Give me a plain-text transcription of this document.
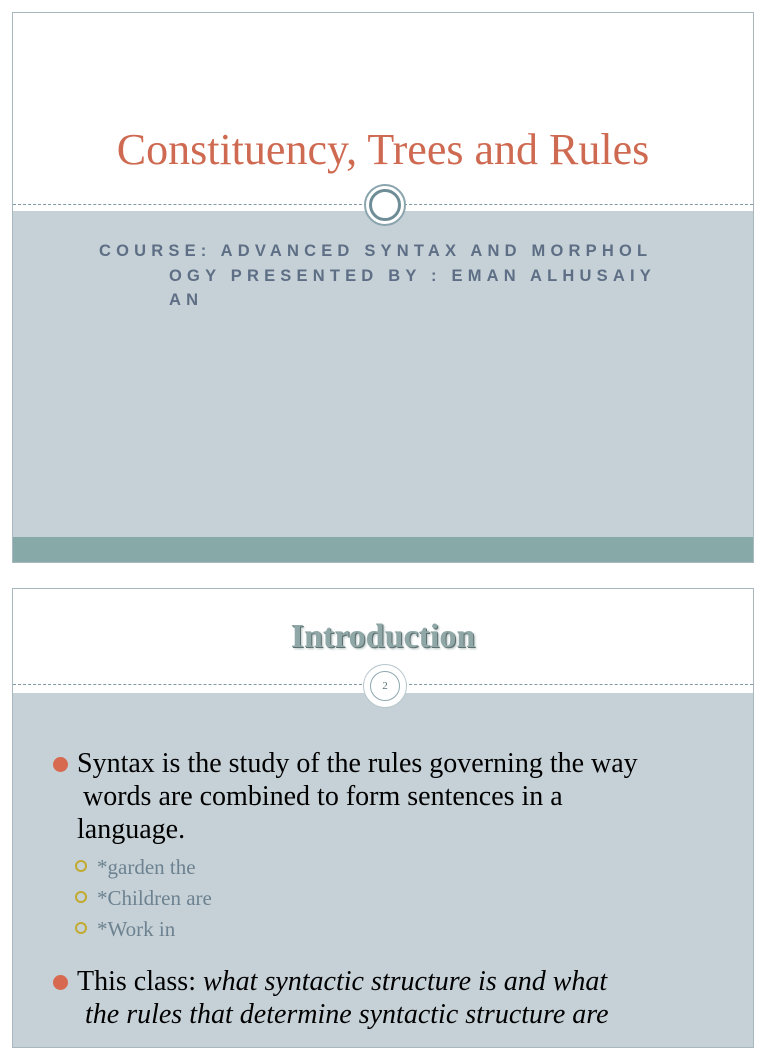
Constituency, Trees and Rules
COURSE: ADVANCED SYNTAX AND MORPHOL
OGY PRESENTED BY : EMAN ALHUSAIY
AN
Introduction
2
Syntax is the study of the rules governing the way
words are combined to form sentences in a
language.
*garden the
*Children are
*Work in
This class: what syntactic structure is and what
the rules that determine syntactic structure are
